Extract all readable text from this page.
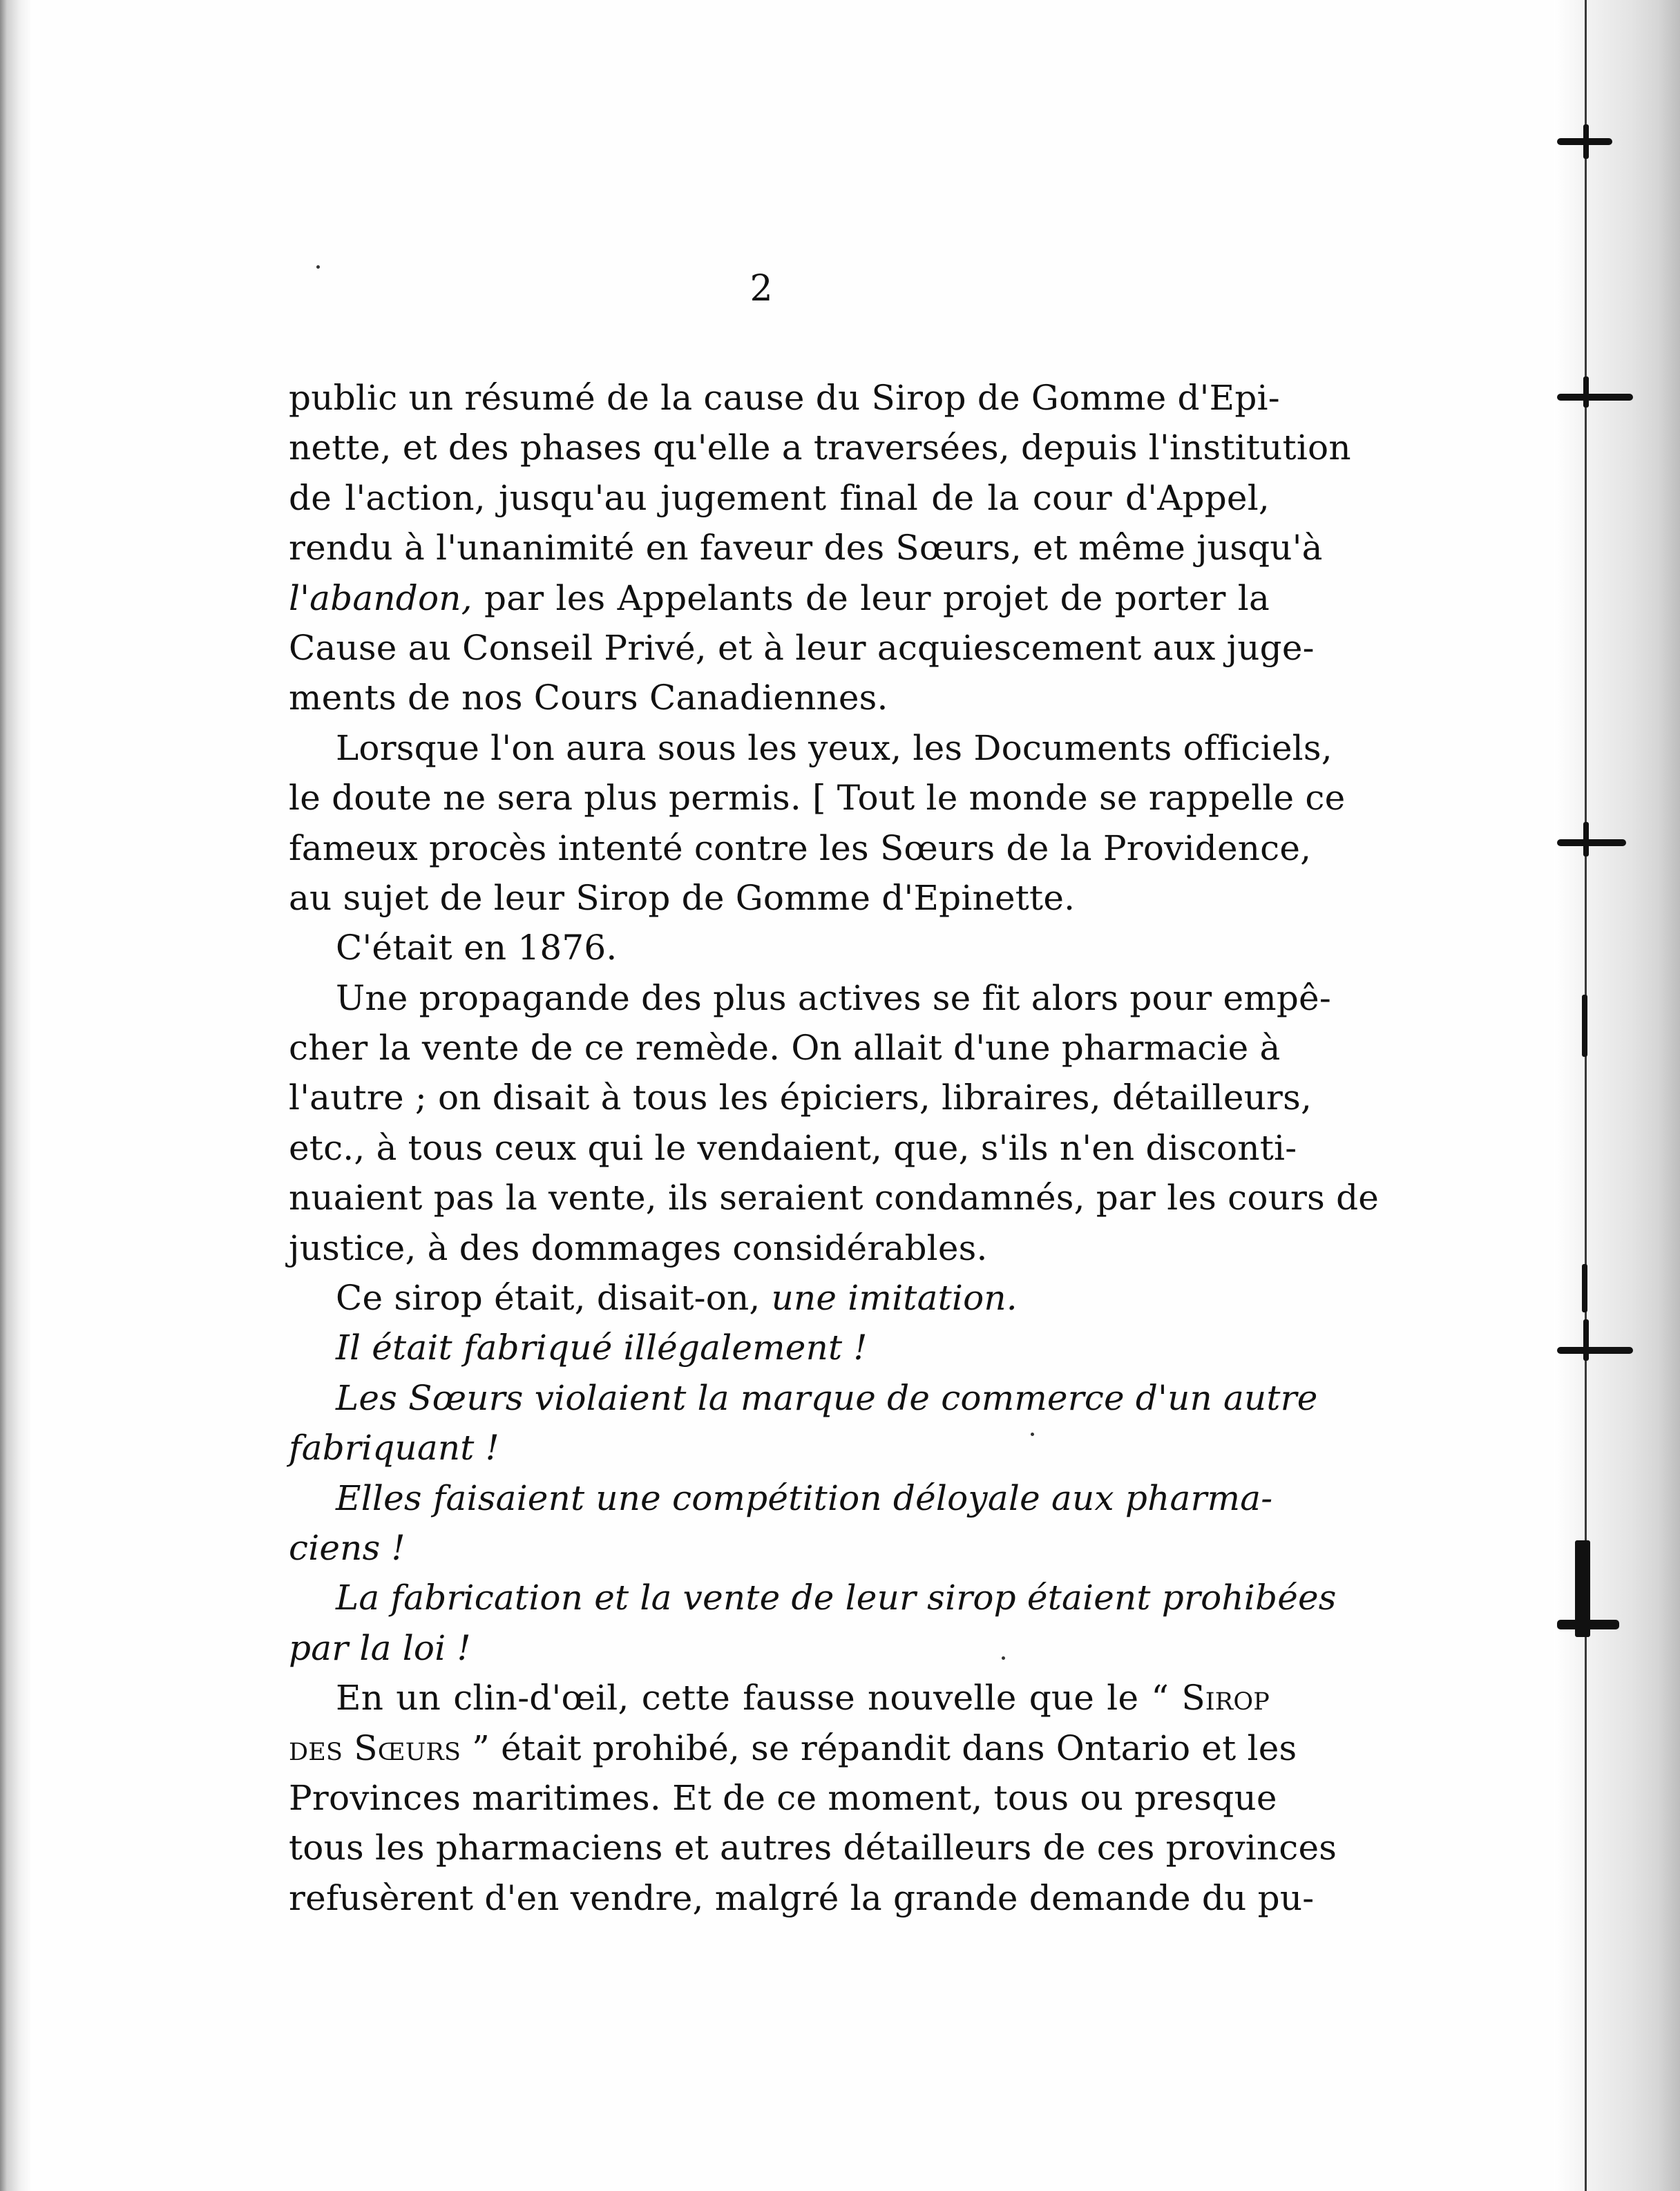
2
public un résumé de la cause du Sirop de Gomme d'Epi-
nette, et des phases qu'elle a traversées, depuis l'institution
de l'action, jusqu'au jugement final de la cour d'Appel,
rendu à l'unanimité en faveur des Sœurs, et même jusqu'à
l'abandon, par les Appelants de leur projet de porter la
Cause au Conseil Privé, et à leur acquiescement aux juge-
ments de nos Cours Canadiennes.
Lorsque l'on aura sous les yeux, les Documents officiels,
le doute ne sera plus permis. [ Tout le monde se rappelle ce
fameux procès intenté contre les Sœurs de la Providence,
au sujet de leur Sirop de Gomme d'Epinette.
C'était en 1876.
Une propagande des plus actives se fit alors pour empê-
cher la vente de ce remède. On allait d'une pharmacie à
l'autre ; on disait à tous les épiciers, libraires, détailleurs,
etc., à tous ceux qui le vendaient, que, s'ils n'en disconti-
nuaient pas la vente, ils seraient condamnés, par les cours de
justice, à des dommages considérables.
Ce sirop était, disait-on, une imitation.
Il était fabriqué illégalement !
Les Sœurs violaient la marque de commerce d'un autre
fabriquant !
Elles faisaient une compétition déloyale aux pharma-
ciens !
La fabrication et la vente de leur sirop étaient prohibées
par la loi !
En un clin-d'œil, cette fausse nouvelle que le “ Sirop
des Sœurs ” était prohibé, se répandit dans Ontario et les
Provinces maritimes. Et de ce moment, tous ou presque
tous les pharmaciens et autres détailleurs de ces provinces
refusèrent d'en vendre, malgré la grande demande du pu-
